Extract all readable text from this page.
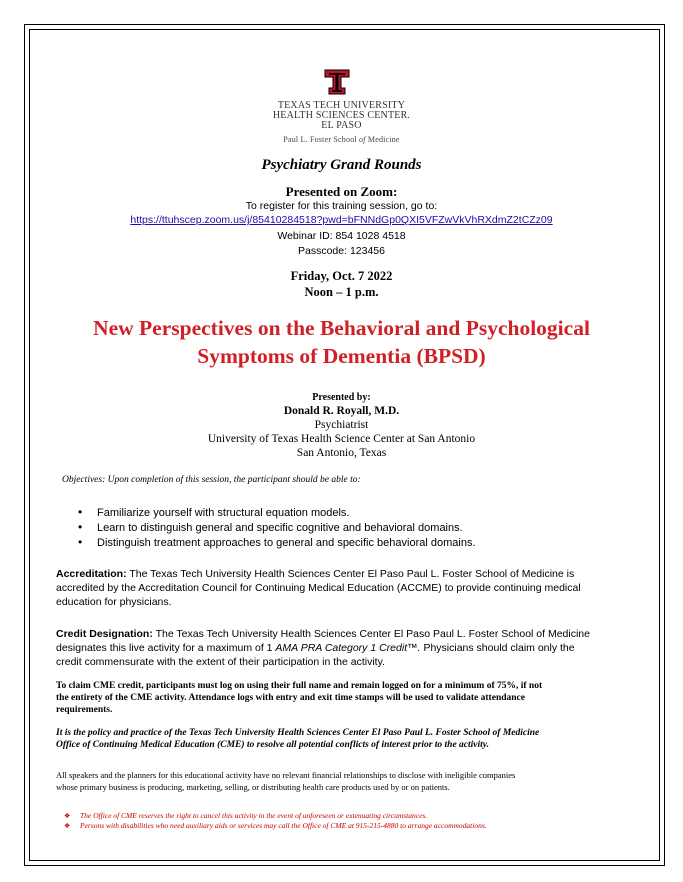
TEXAS TECH UNIVERSITY
HEALTH SCIENCES CENTER.
EL PASO
Paul L. Foster School of Medicine
Psychiatry Grand Rounds
Presented on Zoom:
To register for this training session, go to:
https://ttuhscep.zoom.us/j/85410284518?pwd=bFNNdGp0QXI5VFZwVkVhRXdmZ2tCZz09
Webinar ID: 854 1028 4518
Passcode: 123456
Friday, Oct. 7 2022
Noon – 1 p.m.
New Perspectives on the Behavioral and Psychological
Symptoms of Dementia (BPSD)
Presented by:
Donald R. Royall, M.D.
Psychiatrist
University of Texas Health Science Center at San Antonio
San Antonio, Texas
Objectives: Upon completion of this session, the participant should be able to:
• Familiarize yourself with structural equation models.
• Learn to distinguish general and specific cognitive and behavioral domains.
• Distinguish treatment approaches to general and specific behavioral domains.
Accreditation: The Texas Tech University Health Sciences Center El Paso Paul L. Foster School of Medicine is
accredited by the Accreditation Council for Continuing Medical Education (ACCME) to provide continuing medical
education for physicians.
Credit Designation: The Texas Tech University Health Sciences Center El Paso Paul L. Foster School of Medicine
designates this live activity for a maximum of 1 AMA PRA Category 1 Credit™. Physicians should claim only the
credit commensurate with the extent of their participation in the activity.
To claim CME credit, participants must log on using their full name and remain logged on for a minimum of 75%, if not
the entirety of the CME activity. Attendance logs with entry and exit time stamps will be used to validate attendance
requirements.
It is the policy and practice of the Texas Tech University Health Sciences Center El Paso Paul L. Foster School of Medicine
Office of Continuing Medical Education (CME) to resolve all potential conflicts of interest prior to the activity.
All speakers and the planners for this educational activity have no relevant financial relationships to disclose with ineligible companies
whose primary business is producing, marketing, selling, or distributing health care products used by or on patients.
❖ The Office of CME reserves the right to cancel this activity in the event of unforeseen or extenuating circumstances.
❖ Persons with disabilities who need auxiliary aids or services may call the Office of CME at 915-215-4880 to arrange accommodations.
